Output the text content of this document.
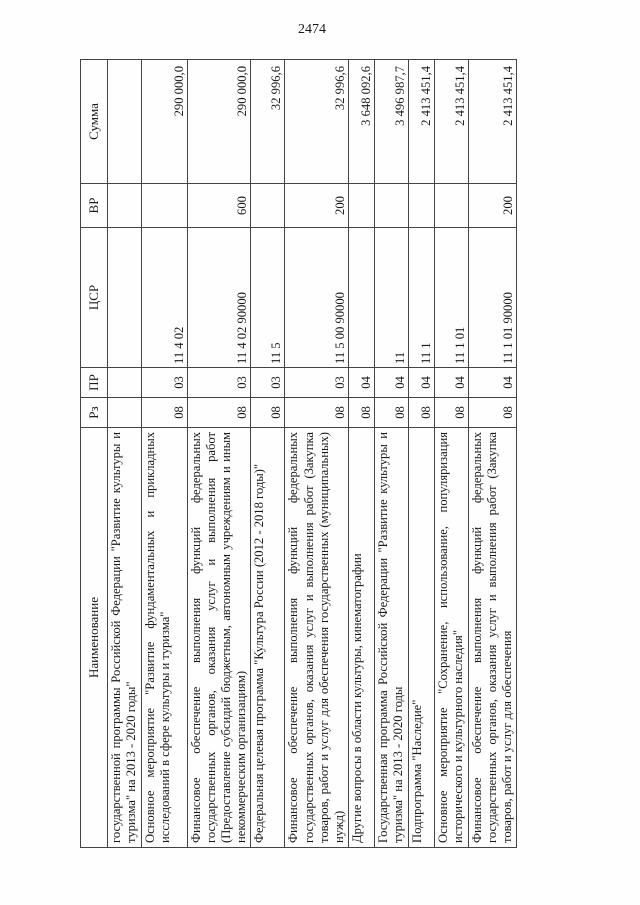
2474
Наименование	Рз	ПР	ЦСР	ВР	Сумма
государственной программы Российской Федерации "Развитие культуры и туризма" на 2013 - 2020 годы"					
Основное мероприятие "Развитие фундаментальных и прикладных исследований в сфере культуры и туризма"	08	03	11 4 02		290 000,0
Финансовое обеспечение выполнения функций федеральных государственных органов, оказания услуг и выполнения работ (Предоставление субсидий бюджетным, автономным учреждениям и иным некоммерческим организациям)	08	03	11 4 02 90000	600	290 000,0
Федеральная целевая программа "Культура России (2012 - 2018 годы)"	08	03	11 5		32 996,6
Финансовое обеспечение выполнения функций федеральных государственных органов, оказания услуг и выполнения работ (Закупка товаров, работ и услуг для обеспечения государственных (муниципальных) нужд)	08	03	11 5 00 90000	200	32 996,6
Другие вопросы в области культуры, кинематографии	08	04			3 648 092,6
Государственная программа Российской Федерации "Развитие культуры и туризма" на 2013 - 2020 годы	08	04	11		3 496 987,7
Подпрограмма "Наследие"	08	04	11 1		2 413 451,4
Основное мероприятие "Сохранение, использование, популяризация исторического и культурного наследия"	08	04	11 1 01		2 413 451,4
Финансовое обеспечение выполнения функций федеральных государственных органов, оказания услуг и выполнения работ (Закупка товаров, работ и услуг для обеспечения	08	04	11 1 01 90000	200	2 413 451,4
